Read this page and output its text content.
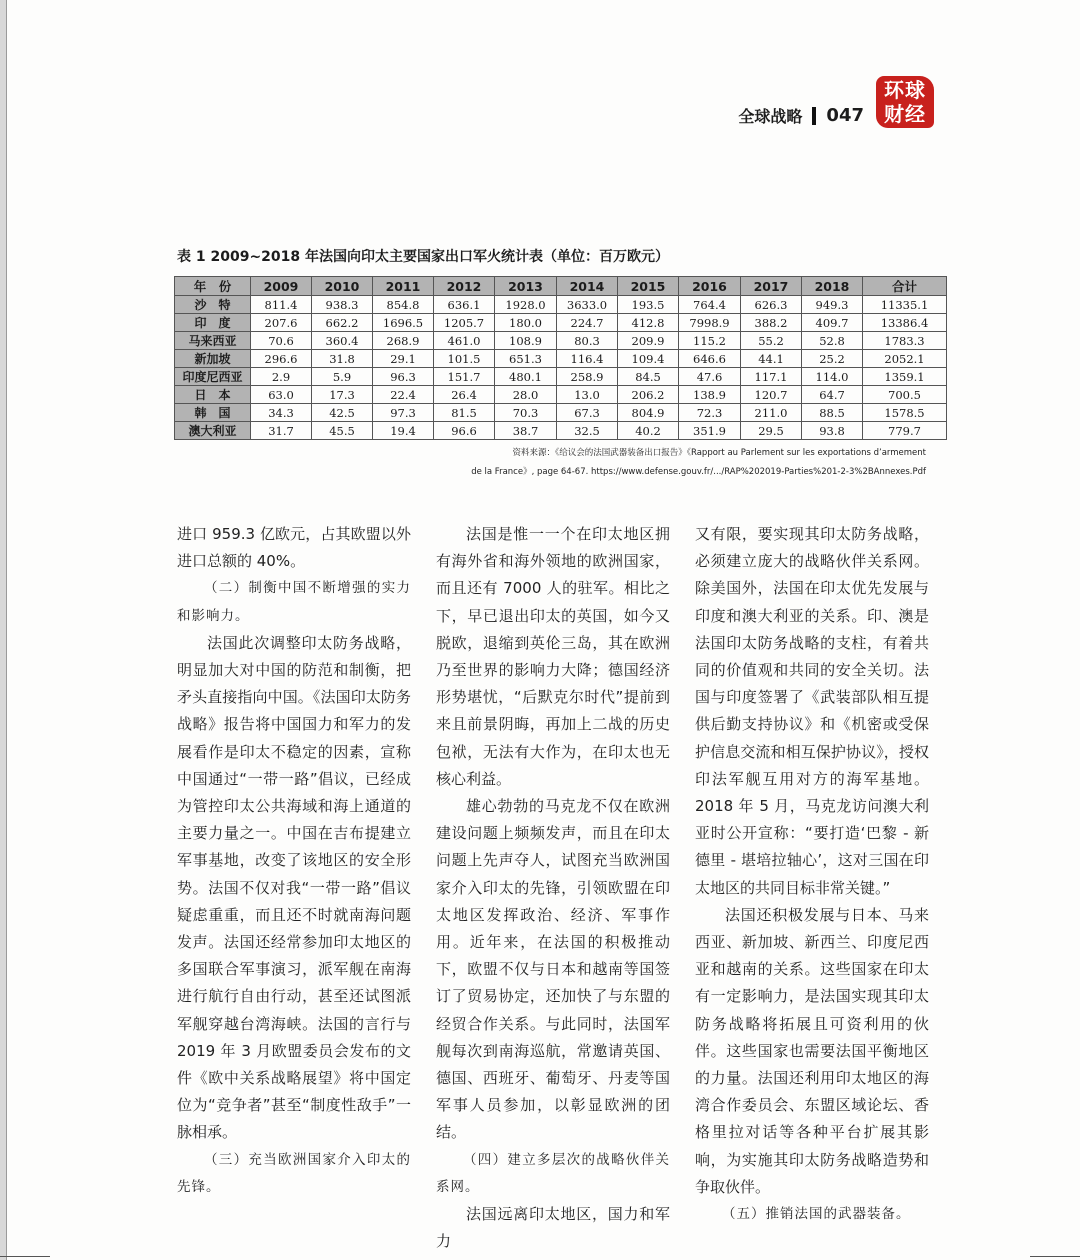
全球战略 047
环球
财经
表 1 2009~2018 年法国向印太主要国家出口军火统计表（单位：百万欧元）
年　份	2009	2010	2011	2012	2013	2014	2015	2016	2017	2018	合计
沙　特	811.4	938.3	854.8	636.1	1928.0	3633.0	193.5	764.4	626.3	949.3	11335.1
印　度	207.6	662.2	1696.5	1205.7	180.0	224.7	412.8	7998.9	388.2	409.7	13386.4
马来西亚	70.6	360.4	268.9	461.0	108.9	80.3	209.9	115.2	55.2	52.8	1783.3
新加坡	296.6	31.8	29.1	101.5	651.3	116.4	109.4	646.6	44.1	25.2	2052.1
印度尼西亚	2.9	5.9	96.3	151.7	480.1	258.9	84.5	47.6	117.1	114.0	1359.1
日　本	63.0	17.3	22.4	26.4	28.0	13.0	206.2	138.9	120.7	64.7	700.5
韩　国	34.3	42.5	97.3	81.5	70.3	67.3	804.9	72.3	211.0	88.5	1578.5
澳大利亚	31.7	45.5	19.4	96.6	38.7	32.5	40.2	351.9	29.5	93.8	779.7

资料来源：《给议会的法国武器装备出口报告》《Rapport au Parlement sur les exportations d’armement

de la France》, page 64-67. https://www.defense.gouv.fr/.../RAP%202019-Parties%201-2-3%2BAnnexes.Pdf

进口 959.3 亿欧元，占其欧盟以外进口总额的 40%。

（二）制衡中国不断增强的实力和影响力。

法国此次调整印太防务战略，明显加大对中国的防范和制衡，把矛头直接指向中国。《法国印太防务战略》报告将中国国力和军力的发展看作是印太不稳定的因素，宣称中国通过“一带一路”倡议，已经成为管控印太公共海域和海上通道的主要力量之一。中国在吉布提建立军事基地，改变了该地区的安全形势。法国不仅对我“一带一路”倡议疑虑重重，而且还不时就南海问题发声。法国还经常参加印太地区的多国联合军事演习，派军舰在南海进行航行自由行动，甚至还试图派军舰穿越台湾海峡。法国的言行与 2019 年 3 月欧盟委员会发布的文件《欧中关系战略展望》将中国定位为“竞争者”甚至“制度性敌手”一脉相承。

（三）充当欧洲国家介入印太的先锋。

法国是惟一一个在印太地区拥有海外省和海外领地的欧洲国家，而且还有 7000 人的驻军。相比之下，早已退出印太的英国，如今又脱欧，退缩到英伦三岛，其在欧洲乃至世界的影响力大降；德国经济形势堪忧，“后默克尔时代”提前到来且前景阴晦，再加上二战的历史包袱，无法有大作为，在印太也无核心利益。

雄心勃勃的马克龙不仅在欧洲建设问题上频频发声，而且在印太问题上先声夺人，试图充当欧洲国家介入印太的先锋，引领欧盟在印太地区发挥政治、经济、军事作用。近年来，在法国的积极推动下，欧盟不仅与日本和越南等国签订了贸易协定，还加快了与东盟的经贸合作关系。与此同时，法国军舰每次到南海巡航，常邀请英国、德国、西班牙、葡萄牙、丹麦等国军事人员参加，以彰显欧洲的团结。

（四）建立多层次的战略伙伴关系网。

法国远离印太地区，国力和军力

又有限，要实现其印太防务战略，必须建立庞大的战略伙伴关系网。除美国外，法国在印太优先发展与印度和澳大利亚的关系。印、澳是法国印太防务战略的支柱，有着共同的价值观和共同的安全关切。法国与印度签署了《武装部队相互提供后勤支持协议》和《机密或受保护信息交流和相互保护协议》，授权印法军舰互用对方的海军基地。2018 年 5 月，马克龙访问澳大利亚时公开宣称：“要打造‘巴黎 - 新德里 - 堪培拉轴心’，这对三国在印太地区的共同目标非常关键。”

法国还积极发展与日本、马来西亚、新加坡、新西兰、印度尼西亚和越南的关系。这些国家在印太有一定影响力，是法国实现其印太防务战略将拓展且可资利用的伙伴。这些国家也需要法国平衡地区的力量。法国还利用印太地区的海湾合作委员会、东盟区域论坛、香格里拉对话等各种平台扩展其影响，为实施其印太防务战略造势和争取伙伴。

（五）推销法国的武器装备。
